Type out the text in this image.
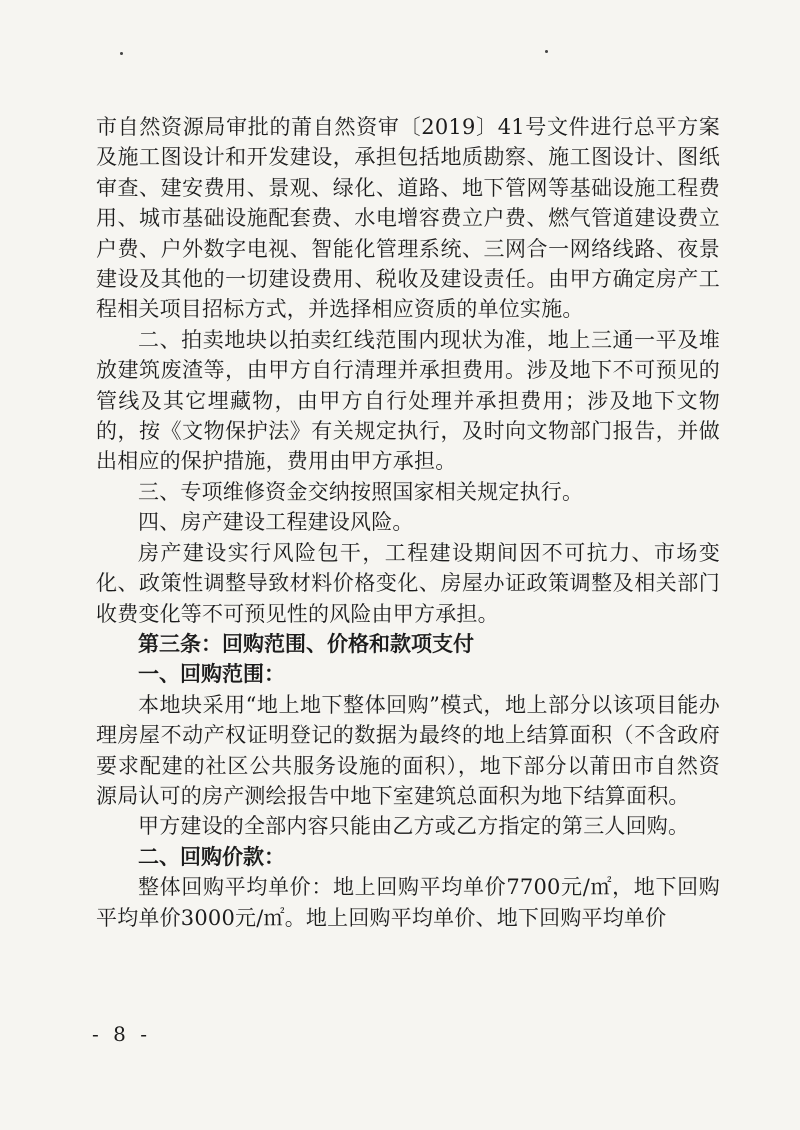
市自然资源局审批的莆自然资审〔2019〕41号文件进行总平方案及施工图设计和开发建设，承担包括地质勘察、施工图设计、图纸审查、建安费用、景观、绿化、道路、地下管网等基础设施工程费用、城市基础设施配套费、水电增容费立户费、燃气管道建设费立户费、户外数字电视、智能化管理系统、三网合一网络线路、夜景建设及其他的一切建设费用、税收及建设责任。由甲方确定房产工程相关项目招标方式，并选择相应资质的单位实施。

二、拍卖地块以拍卖红线范围内现状为准，地上三通一平及堆放建筑废渣等，由甲方自行清理并承担费用。涉及地下不可预见的管线及其它埋藏物，由甲方自行处理并承担费用；涉及地下文物的，按《文物保护法》有关规定执行，及时向文物部门报告，并做出相应的保护措施，费用由甲方承担。

三、专项维修资金交纳按照国家相关规定执行。

四、房产建设工程建设风险。

房产建设实行风险包干，工程建设期间因不可抗力、市场变化、政策性调整导致材料价格变化、房屋办证政策调整及相关部门收费变化等不可预见性的风险由甲方承担。

第三条：回购范围、价格和款项支付

一、回购范围：

本地块采用“地上地下整体回购”模式，地上部分以该项目能办理房屋不动产权证明登记的数据为最终的地上结算面积（不含政府要求配建的社区公共服务设施的面积），地下部分以莆田市自然资源局认可的房产测绘报告中地下室建筑总面积为地下结算面积。

甲方建设的全部内容只能由乙方或乙方指定的第三人回购。

二、回购价款：

整体回购平均单价：地上回购平均单价7700元/㎡，地下回购平均单价3000元/㎡。地上回购平均单价、地下回购平均单价

- 8 -
